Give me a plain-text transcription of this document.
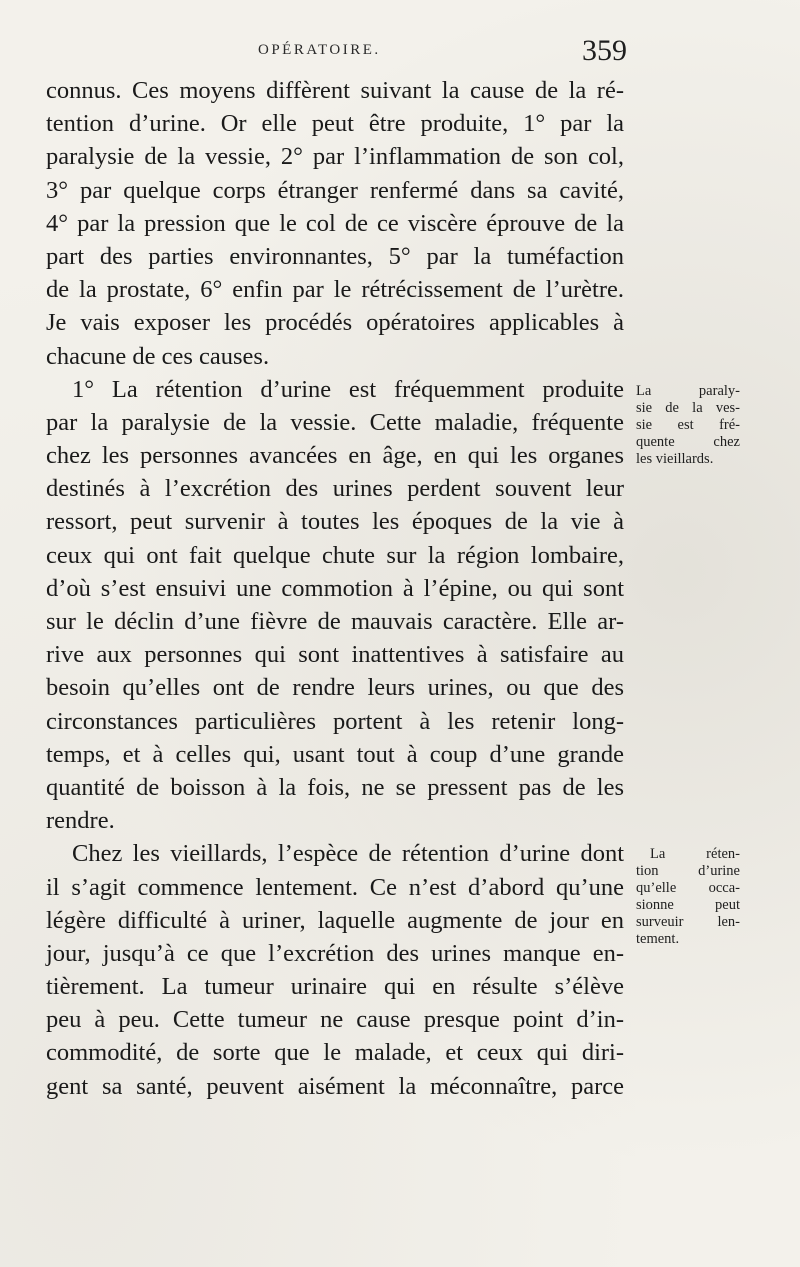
OPÉRATOIRE.	359
connus. Ces moyens diffèrent suivant la cause de la ré-
tention d’urine. Or elle peut être produite, 1° par la
paralysie de la vessie, 2° par l’inflammation de son col,
3° par quelque corps étranger renfermé dans sa cavité,
4° par la pression que le col de ce viscère éprouve de la
part des parties environnantes, 5° par la tuméfaction
de la prostate, 6° enfin par le rétrécissement de l’urètre.
Je vais exposer les procédés opératoires applicables à
chacune de ces causes.
1° La rétention d’urine est fréquemment produite
par la paralysie de la vessie. Cette maladie, fréquente
chez les personnes avancées en âge, en qui les organes
destinés à l’excrétion des urines perdent souvent leur
ressort, peut survenir à toutes les époques de la vie à
ceux qui ont fait quelque chute sur la région lombaire,
d’où s’est ensuivi une commotion à l’épine, ou qui sont
sur le déclin d’une fièvre de mauvais caractère. Elle ar-
rive aux personnes qui sont inattentives à satisfaire au
besoin qu’elles ont de rendre leurs urines, ou que des
circonstances particulières portent à les retenir long-
temps, et à celles qui, usant tout à coup d’une grande
quantité de boisson à la fois, ne se pressent pas de les
rendre.
Chez les vieillards, l’espèce de rétention d’urine dont
il s’agit commence lentement. Ce n’est d’abord qu’une
légère difficulté à uriner, laquelle augmente de jour en
jour, jusqu’à ce que l’excrétion des urines manque en-
tièrement. La tumeur urinaire qui en résulte s’élève
peu à peu. Cette tumeur ne cause presque point d’in-
commodité, de sorte que le malade, et ceux qui diri-
gent sa santé, peuvent aisément la méconnaître, parce
La paraly-
sie de la ves-
sie est fré-
quente chez
les vieillards.
La réten-
tion d’urine
qu’elle occa-
sionne peut
surveuir len-
tement.
